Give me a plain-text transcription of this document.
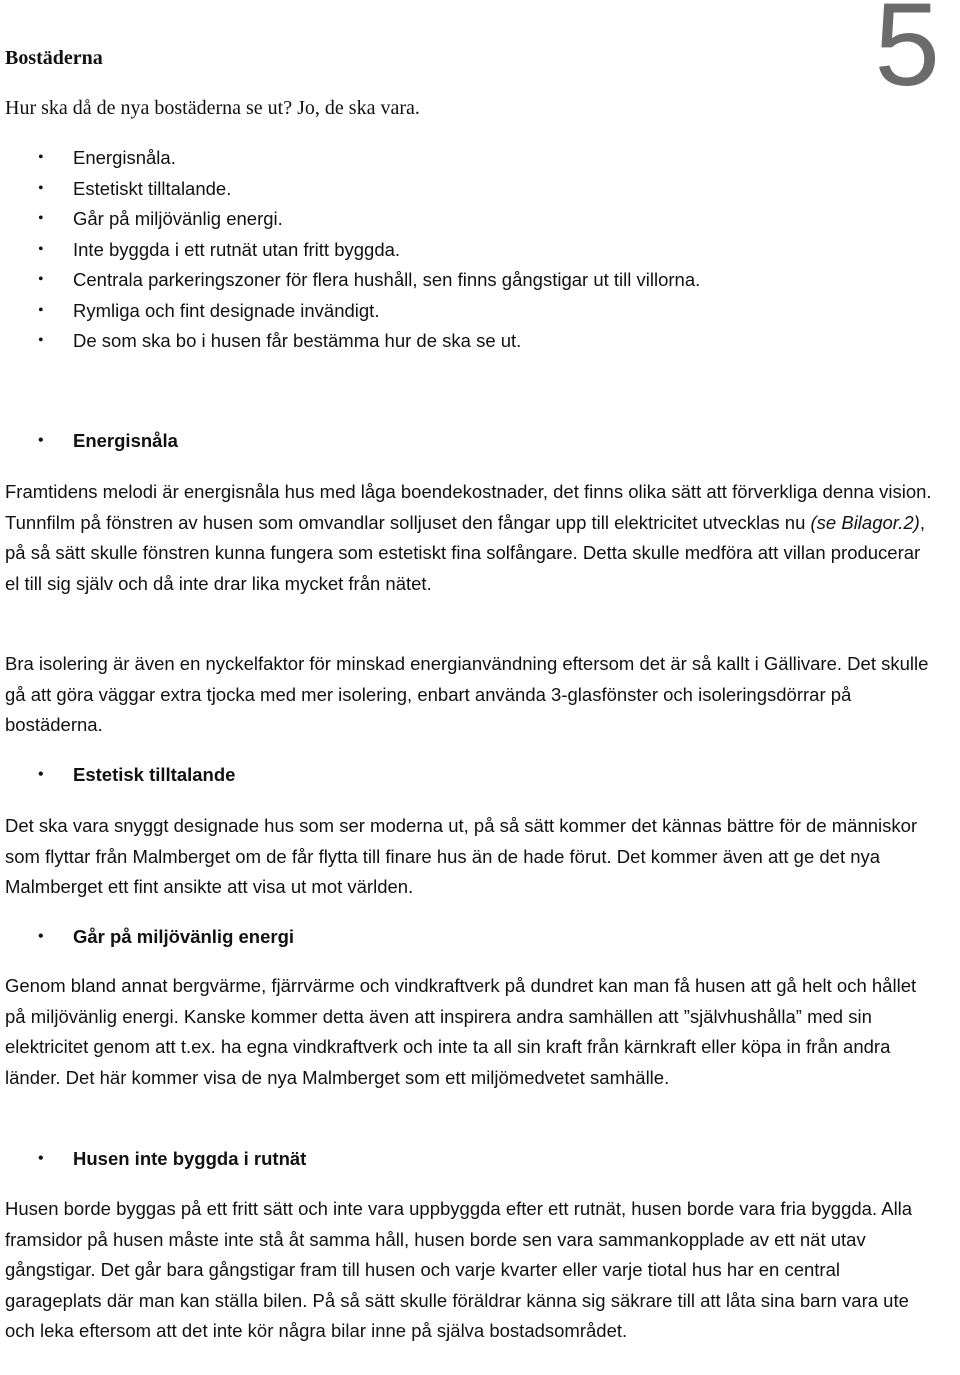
5
Bostäderna
Hur ska då de nya bostäderna se ut? Jo, de ska vara.
• Energisnåla.
• Estetiskt tilltalande.
• Går på miljövänlig energi.
• Inte byggda i ett rutnät utan fritt byggda.
• Centrala parkeringszoner för flera hushåll, sen finns gångstigar ut till villorna.
• Rymliga och fint designade invändigt.
• De som ska bo i husen får bestämma hur de ska se ut.
• Energisnåla

Framtidens melodi är energisnåla hus med låga boendekostnader, det finns olika sätt att förverkliga denna vision. Tunnfilm på fönstren av husen som omvandlar solljuset den fångar upp till elektricitet utvecklas nu (se Bilagor.2), på så sätt skulle fönstren kunna fungera som estetiskt fina solfångare. Detta skulle medföra att villan producerar el till sig själv och då inte drar lika mycket från nätet.

Bra isolering är även en nyckelfaktor för minskad energianvändning eftersom det är så kallt i Gällivare. Det skulle gå att göra väggar extra tjocka med mer isolering, enbart använda 3-glasfönster och isoleringsdörrar på bostäderna.

• Estetisk tilltalande

Det ska vara snyggt designade hus som ser moderna ut, på så sätt kommer det kännas bättre för de människor som flyttar från Malmberget om de får flytta till finare hus än de hade förut. Det kommer även att ge det nya Malmberget ett fint ansikte att visa ut mot världen.

• Går på miljövänlig energi

Genom bland annat bergvärme, fjärrvärme och vindkraftverk på dundret kan man få husen att gå helt och hållet på miljövänlig energi. Kanske kommer detta även att inspirera andra samhällen att ”självhushålla” med sin elektricitet genom att t.ex. ha egna vindkraftverk och inte ta all sin kraft från kärnkraft eller köpa in från andra länder. Det här kommer visa de nya Malmberget som ett miljömedvetet samhälle.

• Husen inte byggda i rutnät

Husen borde byggas på ett fritt sätt och inte vara uppbyggda efter ett rutnät, husen borde vara fria byggda. Alla framsidor på husen måste inte stå åt samma håll, husen borde sen vara sammankopplade av ett nät utav gångstigar. Det går bara gångstigar fram till husen och varje kvarter eller varje tiotal hus har en central garageplats där man kan ställa bilen. På så sätt skulle föräldrar känna sig säkrare till att låta sina barn vara ute och leka eftersom att det inte kör några bilar inne på själva bostadsområdet.
